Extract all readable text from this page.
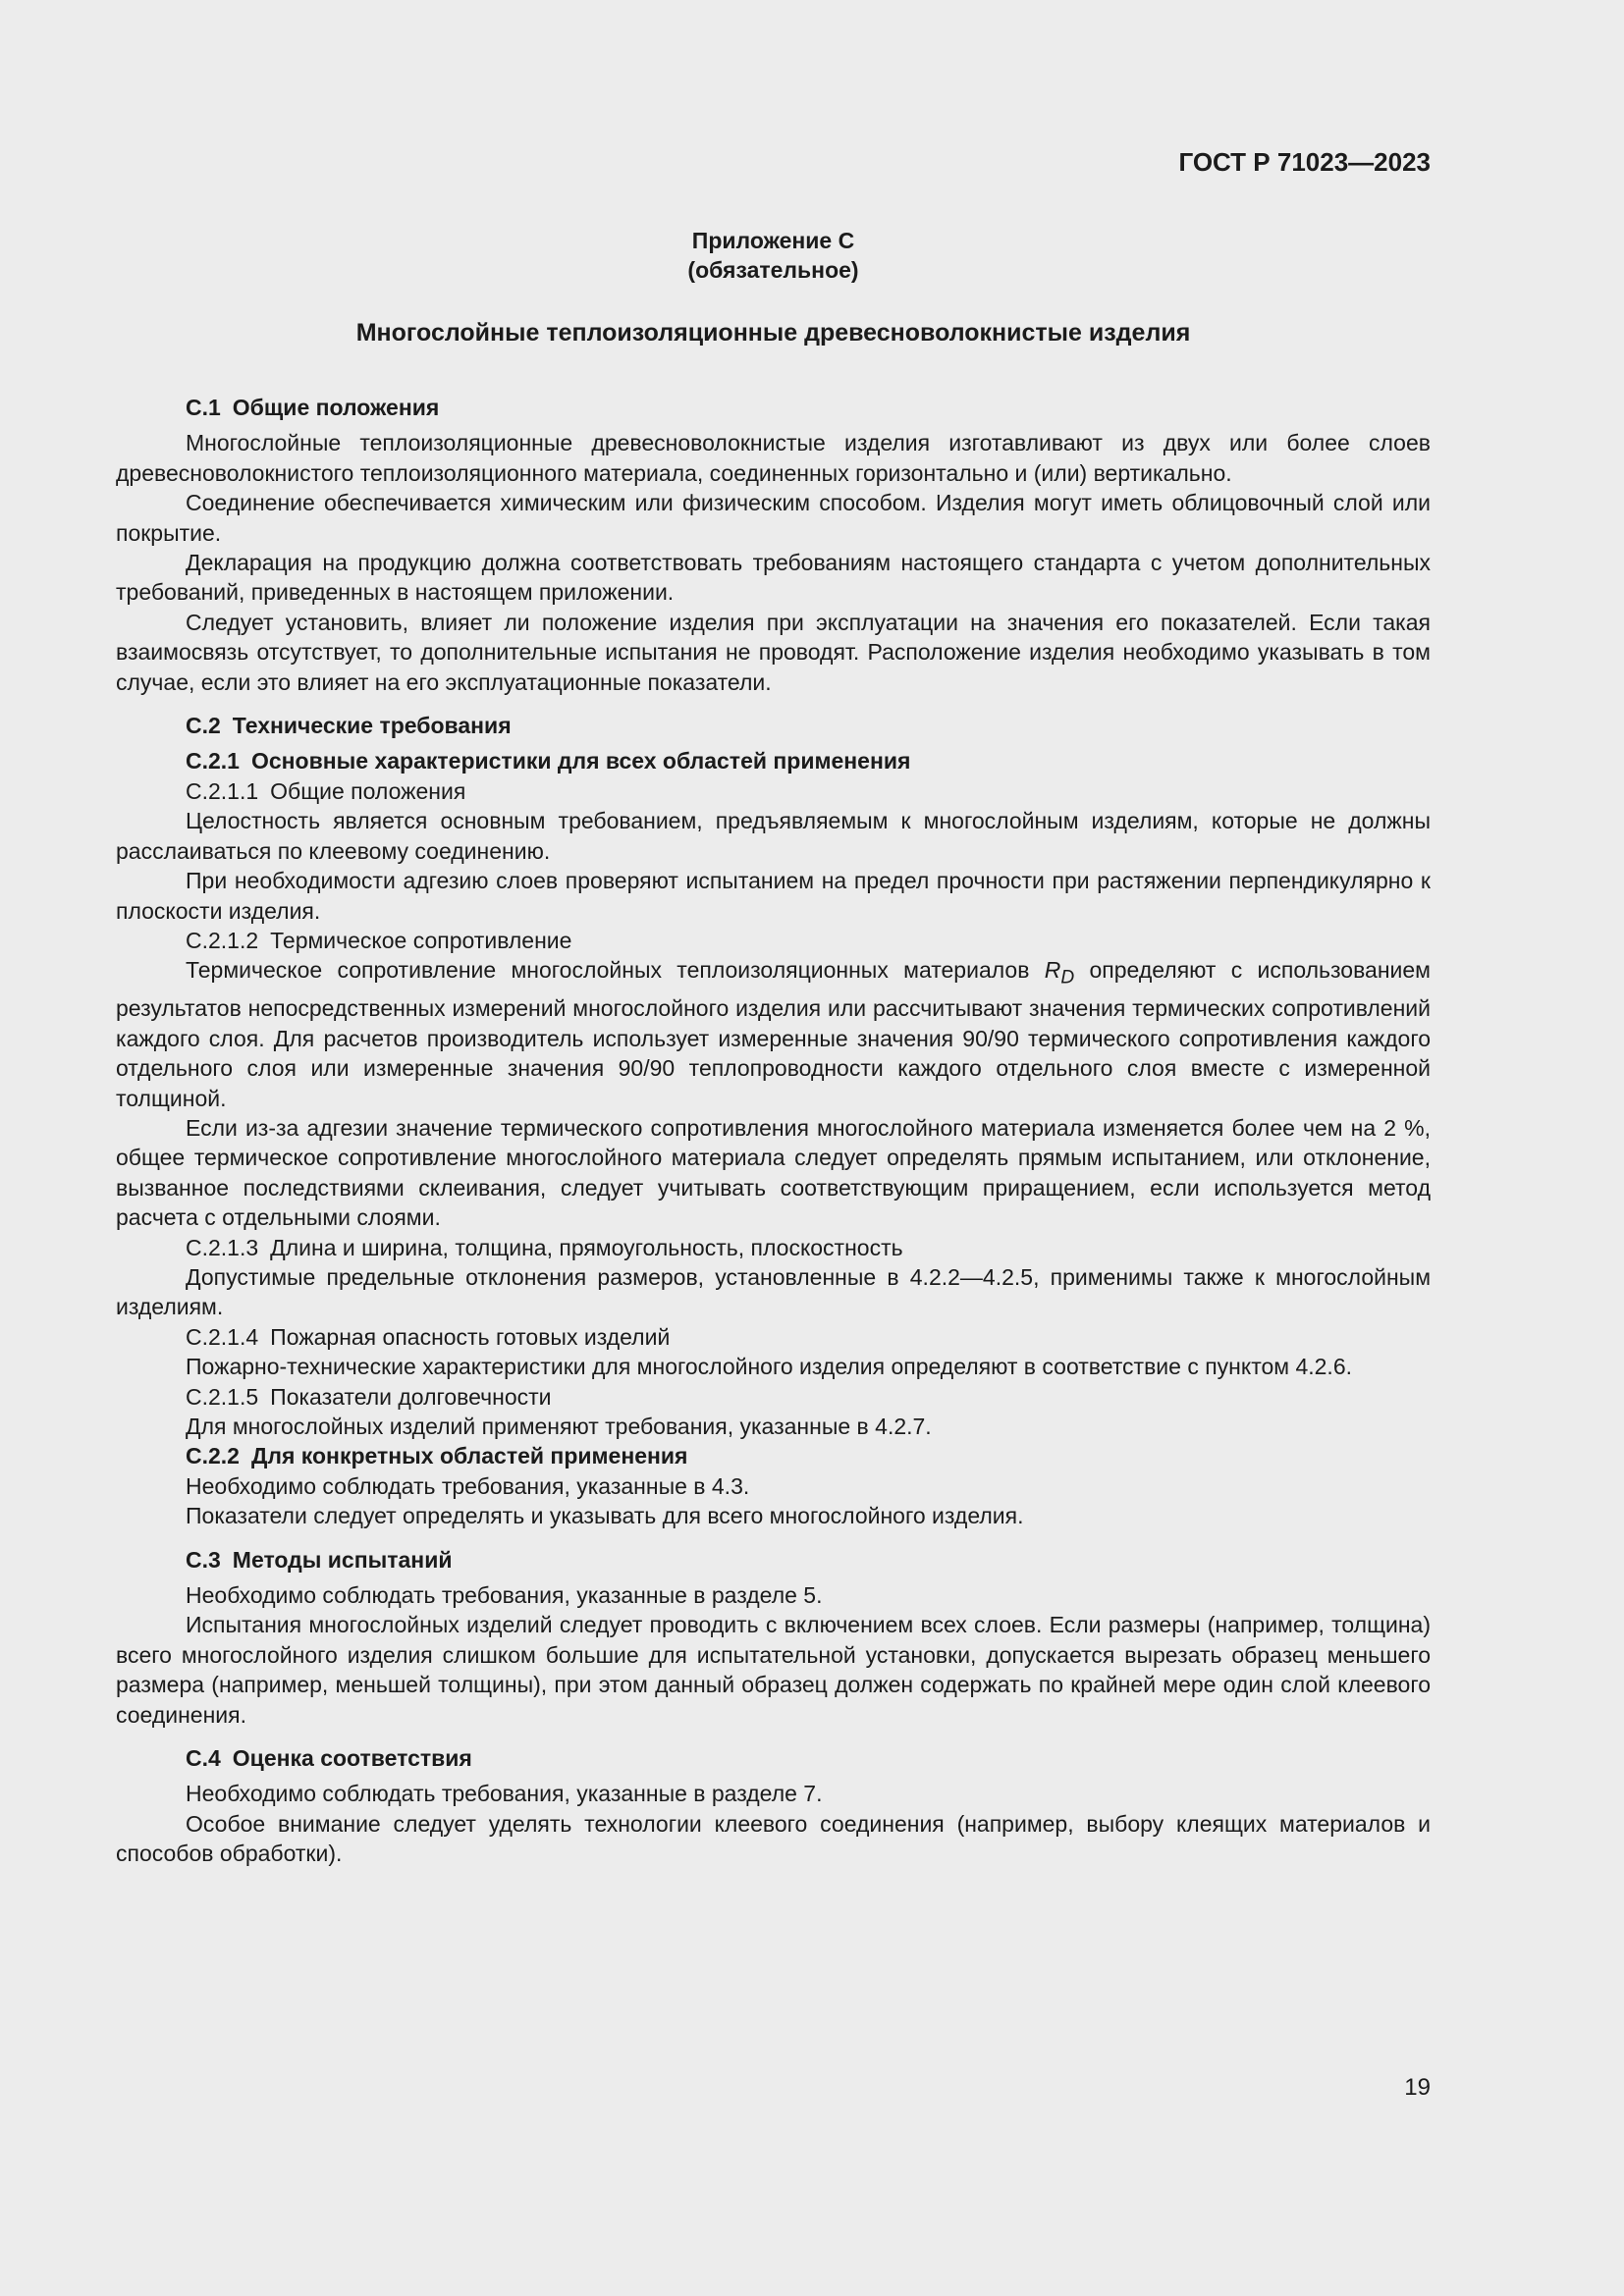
ГОСТ Р 71023—2023
Приложение С
(обязательное)
Многослойные теплоизоляционные древесноволокнистые изделия
С.1 Общие положения

Многослойные теплоизоляционные древесноволокнистые изделия изготавливают из двух или более слоев древесноволокнистого теплоизоляционного материала, соединенных горизонтально и (или) вертикально.

Соединение обеспечивается химическим или физическим способом. Изделия могут иметь облицовочный слой или покрытие.

Декларация на продукцию должна соответствовать требованиям настоящего стандарта с учетом дополнительных требований, приведенных в настоящем приложении.

Следует установить, влияет ли положение изделия при эксплуатации на значения его показателей. Если такая взаимосвязь отсутствует, то дополнительные испытания не проводят. Расположение изделия необходимо указывать в том случае, если это влияет на его эксплуатационные показатели.

С.2 Технические требования
С.2.1 Основные характеристики для всех областей применения
С.2.1.1 Общие положения

Целостность является основным требованием, предъявляемым к многослойным изделиям, которые не должны расслаиваться по клеевому соединению.

При необходимости адгезию слоев проверяют испытанием на предел прочности при растяжении перпендикулярно к плоскости изделия.

С.2.1.2 Термическое сопротивление

Термическое сопротивление многослойных теплоизоляционных материалов $R_D$ определяют с использованием результатов непосредственных измерений многослойного изделия или рассчитывают значения термических сопротивлений каждого слоя. Для расчетов производитель использует измеренные значения 90/90 термического сопротивления каждого отдельного слоя или измеренные значения 90/90 теплопроводности каждого отдельного слоя вместе с измеренной толщиной.

Если из-за адгезии значение термического сопротивления многослойного материала изменяется более чем на 2 %, общее термическое сопротивление многослойного материала следует определять прямым испытанием, или отклонение, вызванное последствиями склеивания, следует учитывать соответствующим приращением, если используется метод расчета с отдельными слоями.

С.2.1.3 Длина и ширина, толщина, прямоугольность, плоскостность

Допустимые предельные отклонения размеров, установленные в 4.2.2—4.2.5, применимы также к многослойным изделиям.

С.2.1.4 Пожарная опасность готовых изделий

Пожарно-технические характеристики для многослойного изделия определяют в соответствие с пунктом 4.2.6.

С.2.1.5 Показатели долговечности

Для многослойных изделий применяют требования, указанные в 4.2.7.

С.2.2 Для конкретных областей применения

Необходимо соблюдать требования, указанные в 4.3.

Показатели следует определять и указывать для всего многослойного изделия.

С.3 Методы испытаний

Необходимо соблюдать требования, указанные в разделе 5.

Испытания многослойных изделий следует проводить с включением всех слоев. Если размеры (например, толщина) всего многослойного изделия слишком большие для испытательной установки, допускается вырезать образец меньшего размера (например, меньшей толщины), при этом данный образец должен содержать по крайней мере один слой клеевого соединения.

С.4 Оценка соответствия

Необходимо соблюдать требования, указанные в разделе 7.

Особое внимание следует уделять технологии клеевого соединения (например, выбору клеящих материалов и способов обработки).

19
